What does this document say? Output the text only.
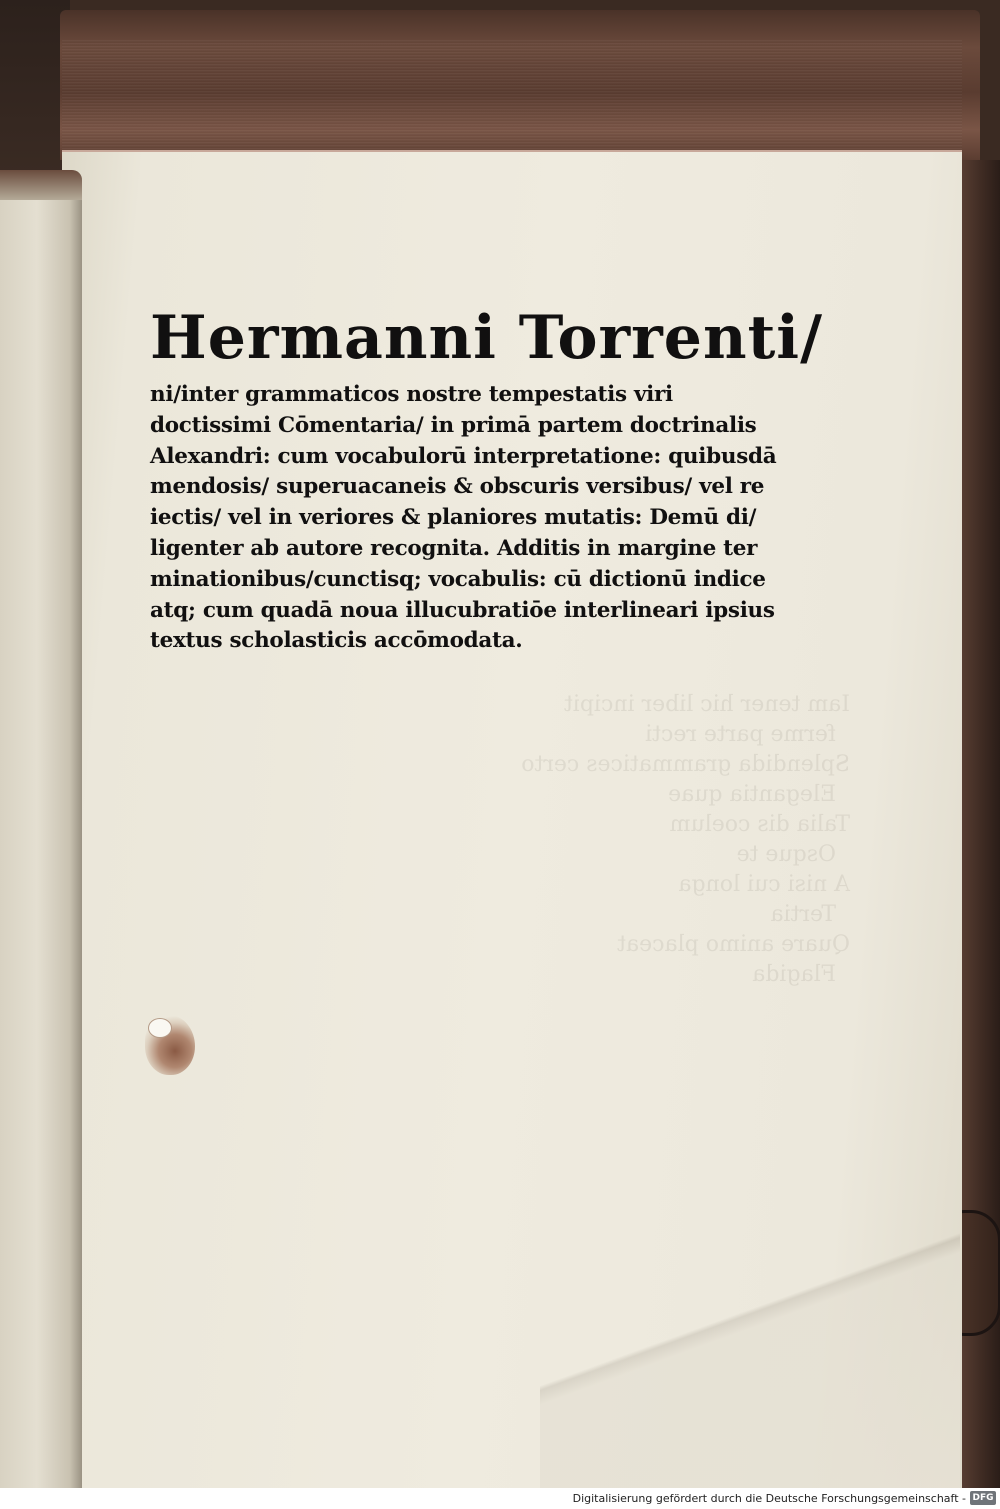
Hermanni Torrenti/

ni/inter grammaticos nostre tempestatis viri
doctissimi Cōmentaria/ in primā partem doctrinalis
Alexandri: cum vocabulorū interpretatione: quibusdā
mendosis/ superuacaneis & obscuris versibus/ vel re
iectis/ vel in veriores & planiores mutatis: Demū di/
ligenter ab autore recognita. Additis in margine ter
minationibus/cunctisq; vocabulis: cū dictionū indice
atq; cum quadā noua illucubratiōe interlineari ipsius
textus scholasticis accōmodata.

Digitalisierung gefördert durch die Deutsche Forschungsgemeinschaft - DFG
